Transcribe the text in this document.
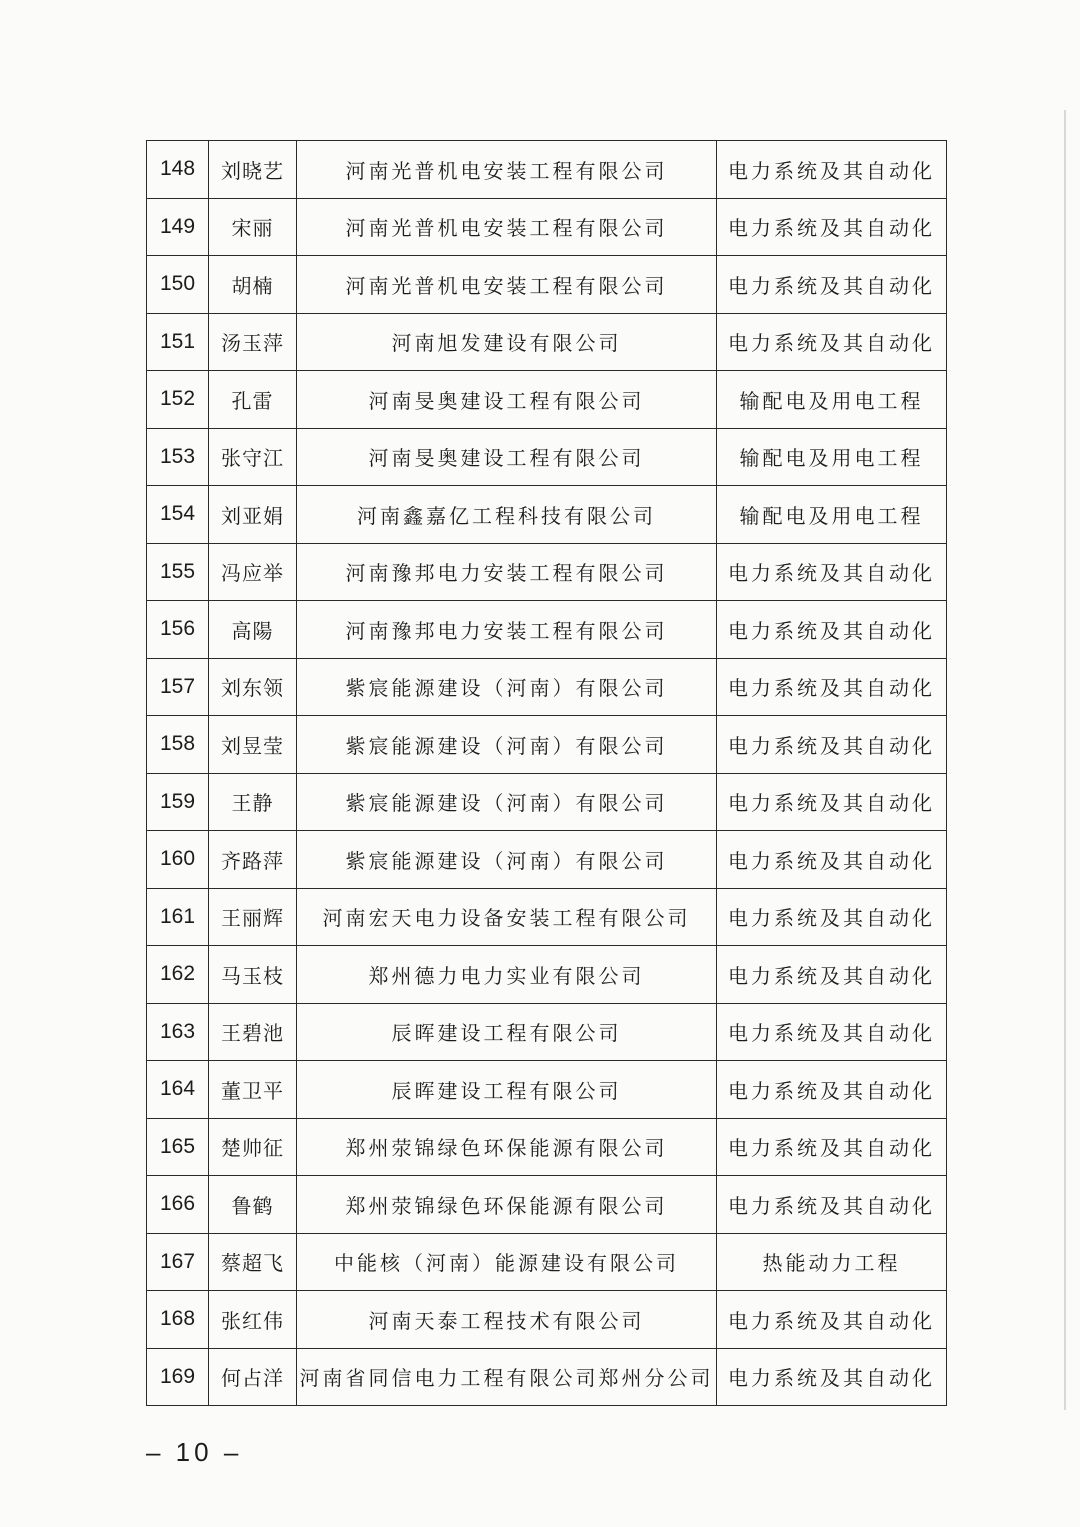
148	刘晓艺	河南光普机电安装工程有限公司	电力系统及其自动化
149	宋丽	河南光普机电安装工程有限公司	电力系统及其自动化
150	胡楠	河南光普机电安装工程有限公司	电力系统及其自动化
151	汤玉萍	河南旭发建设有限公司	电力系统及其自动化
152	孔雷	河南旻奥建设工程有限公司	输配电及用电工程
153	张守江	河南旻奥建设工程有限公司	输配电及用电工程
154	刘亚娟	河南鑫嘉亿工程科技有限公司	输配电及用电工程
155	冯应举	河南豫邦电力安装工程有限公司	电力系统及其自动化
156	高陽	河南豫邦电力安装工程有限公司	电力系统及其自动化
157	刘东领	紫宸能源建设（河南）有限公司	电力系统及其自动化
158	刘昱莹	紫宸能源建设（河南）有限公司	电力系统及其自动化
159	王静	紫宸能源建设（河南）有限公司	电力系统及其自动化
160	齐路萍	紫宸能源建设（河南）有限公司	电力系统及其自动化
161	王丽辉	河南宏天电力设备安装工程有限公司	电力系统及其自动化
162	马玉枝	郑州德力电力实业有限公司	电力系统及其自动化
163	王碧池	辰晖建设工程有限公司	电力系统及其自动化
164	董卫平	辰晖建设工程有限公司	电力系统及其自动化
165	楚帅征	郑州荥锦绿色环保能源有限公司	电力系统及其自动化
166	鲁鹤	郑州荥锦绿色环保能源有限公司	电力系统及其自动化
167	蔡超飞	中能核（河南）能源建设有限公司	热能动力工程
168	张红伟	河南天泰工程技术有限公司	电力系统及其自动化
169	何占洋	河南省同信电力工程有限公司郑州分公司	电力系统及其自动化
– 10 –
